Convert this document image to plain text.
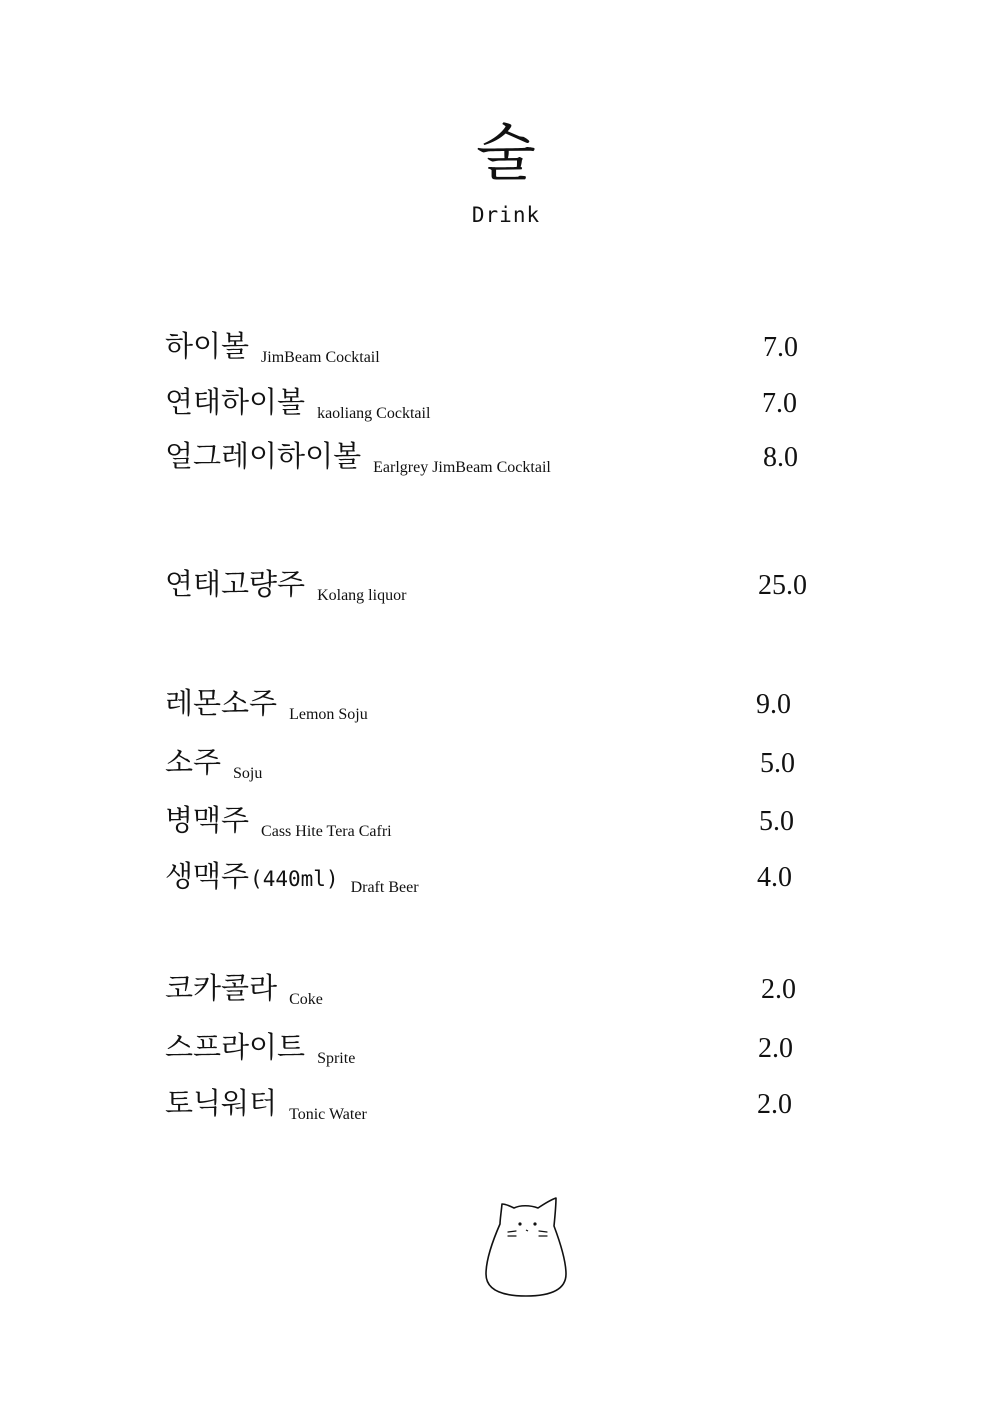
술
Drink
하이볼 $_{JimBeam Cocktail}$	7.0
연태하이볼 $_{kaoliang Cocktail}$	7.0
얼그레이하이볼 $_{Earlgrey JimBeam Cocktail}$	8.0
연태고량주 $_{Kolang liquor}$	25.0
레몬소주 $_{Lemon Soju}$	9.0
소주 $_{Soju}$	5.0
병맥주 $_{Cass Hite Tera Cafri}$	5.0
생맥주(440ml) $_{Draft Beer}$	4.0
코카콜라 $_{Coke}$	2.0
스프라이트 $_{Sprite}$	2.0
토닉워터 $_{Tonic Water}$	2.0
